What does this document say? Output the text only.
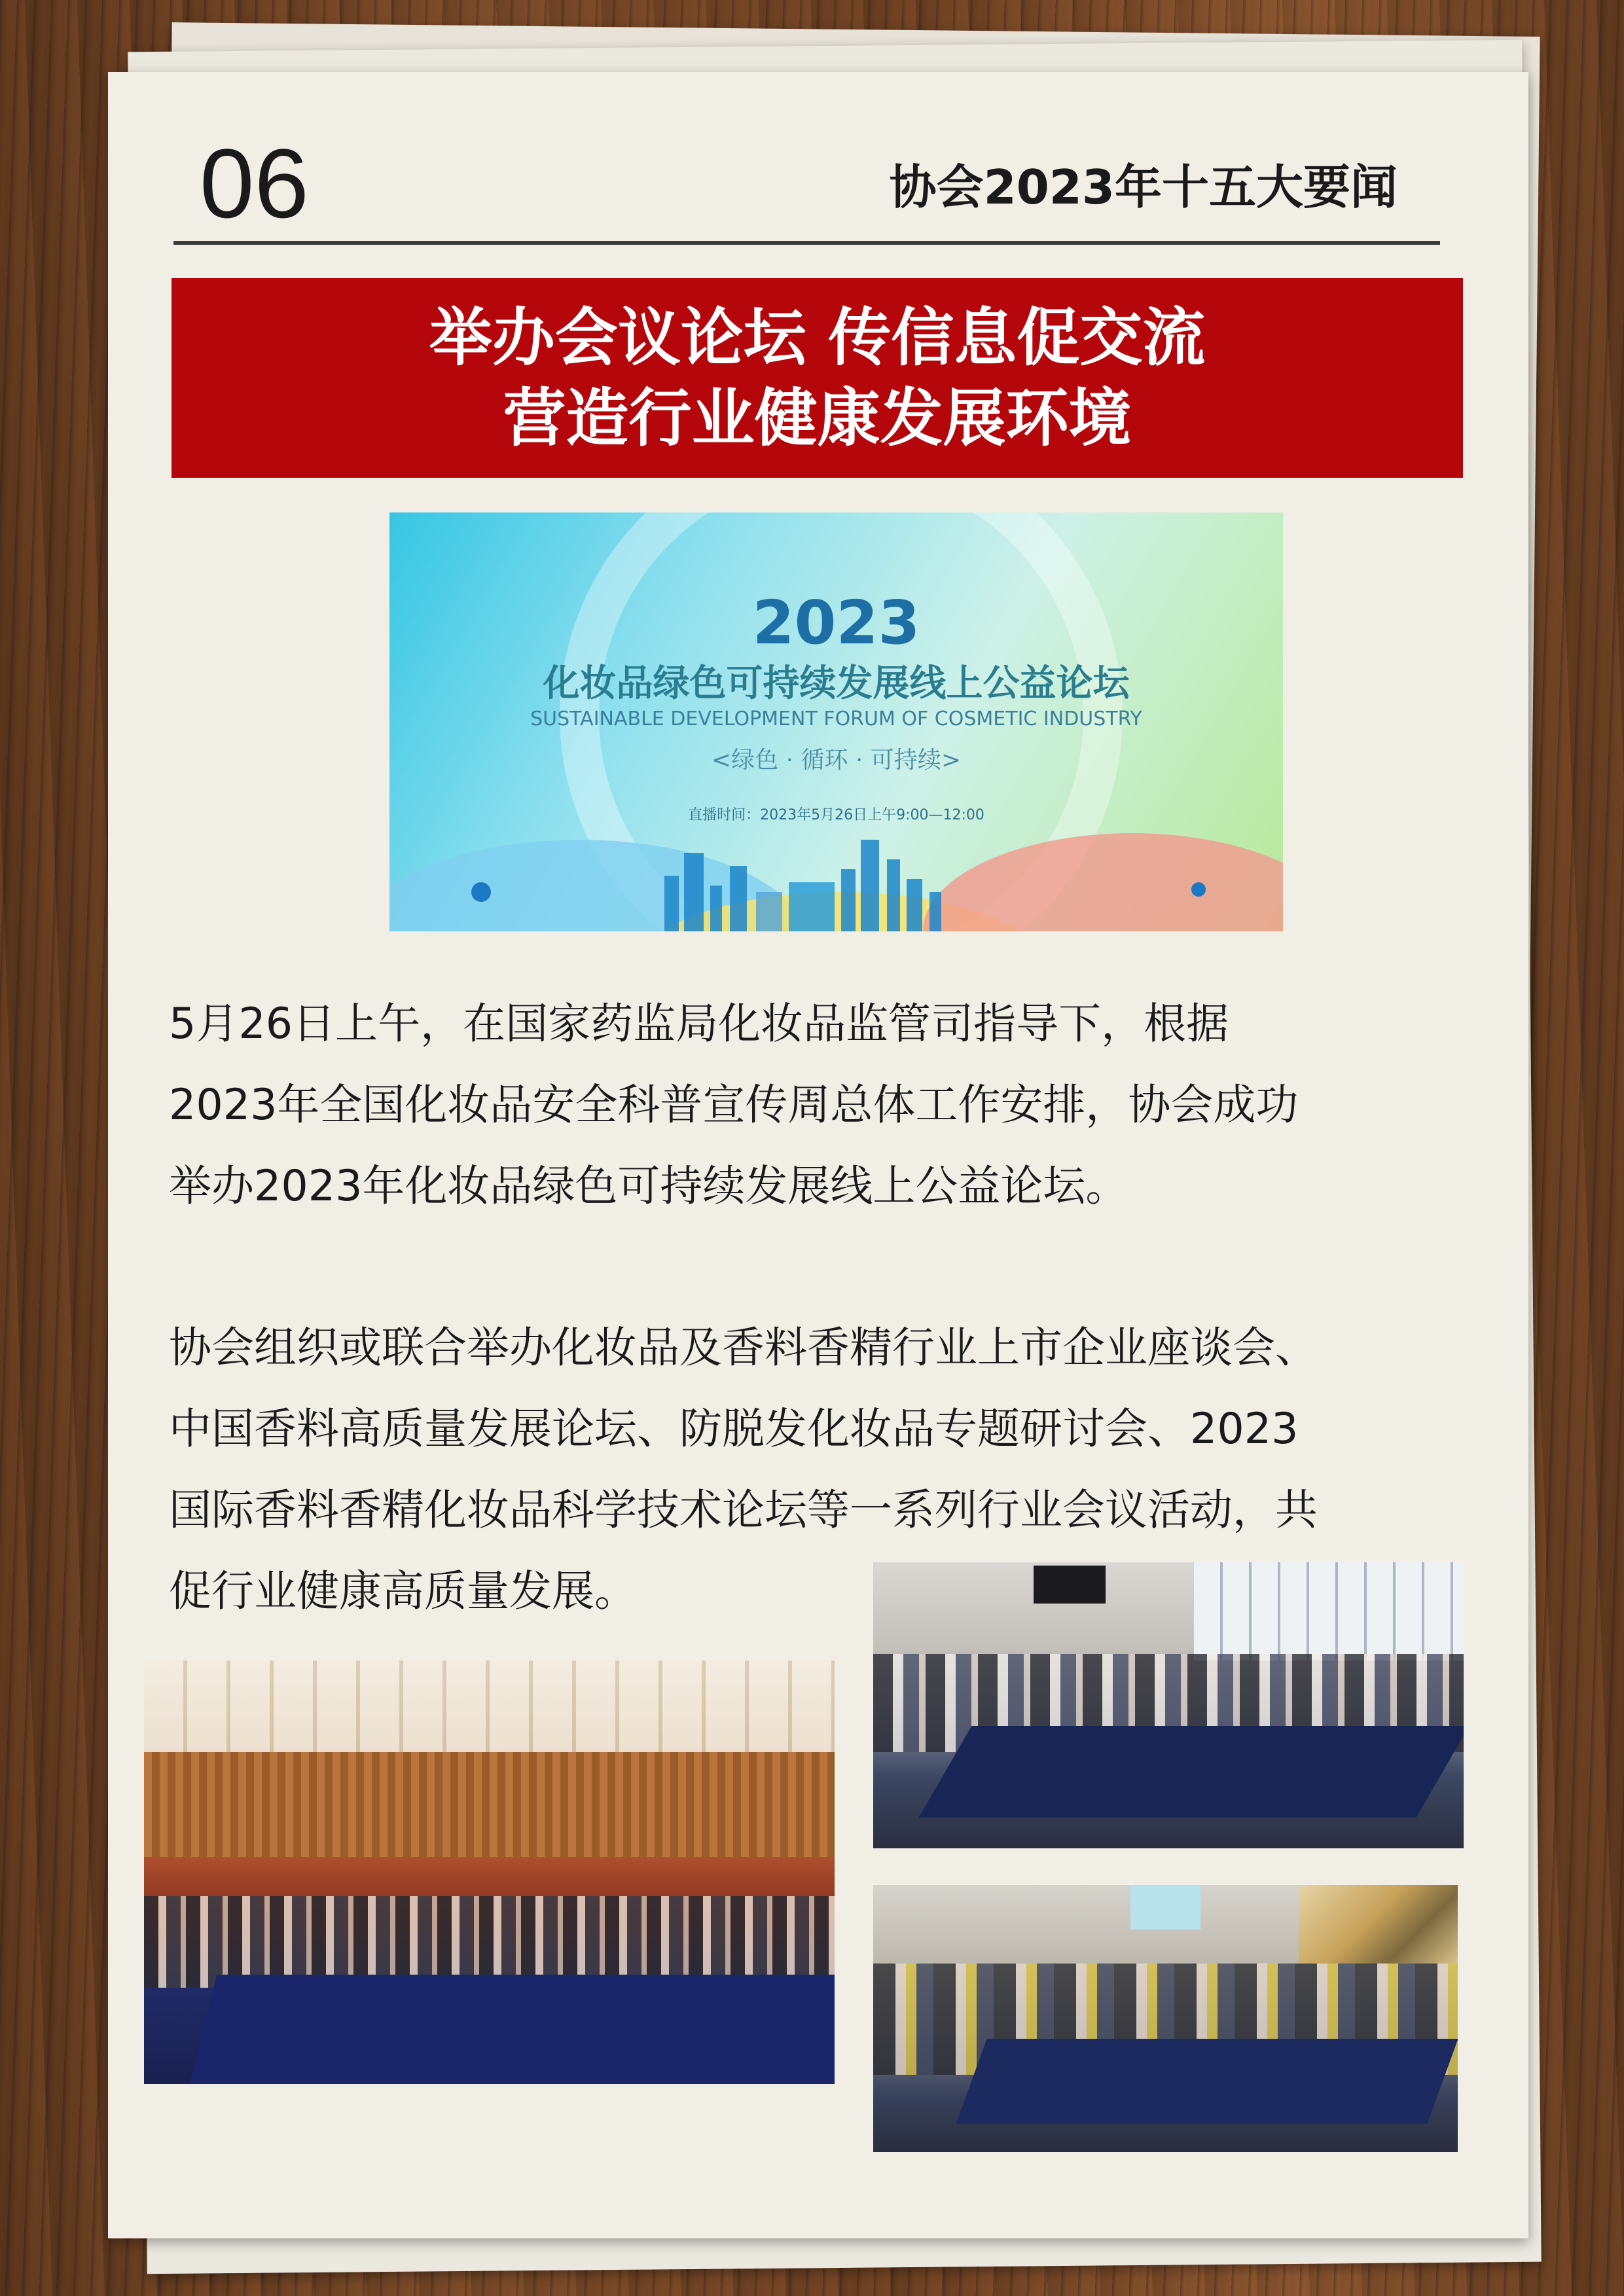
06	协会2023年十五大要闻
举办会议论坛 传信息促交流
营造行业健康发展环境
2023
化妆品绿色可持续发展线上公益论坛
SUSTAINABLE DEVELOPMENT FORUM OF COSMETIC INDUSTRY
<绿色 · 循环 · 可持续>
直播时间：2023年5月26日上午9:00—12:00
5月26日上午，在国家药监局化妆品监管司指导下，根据
2023年全国化妆品安全科普宣传周总体工作安排，协会成功
举办2023年化妆品绿色可持续发展线上公益论坛。
协会组织或联合举办化妆品及香料香精行业上市企业座谈会、
中国香料高质量发展论坛、防脱发化妆品专题研讨会、2023
国际香料香精化妆品科学技术论坛等一系列行业会议活动，共
促行业健康高质量发展。
